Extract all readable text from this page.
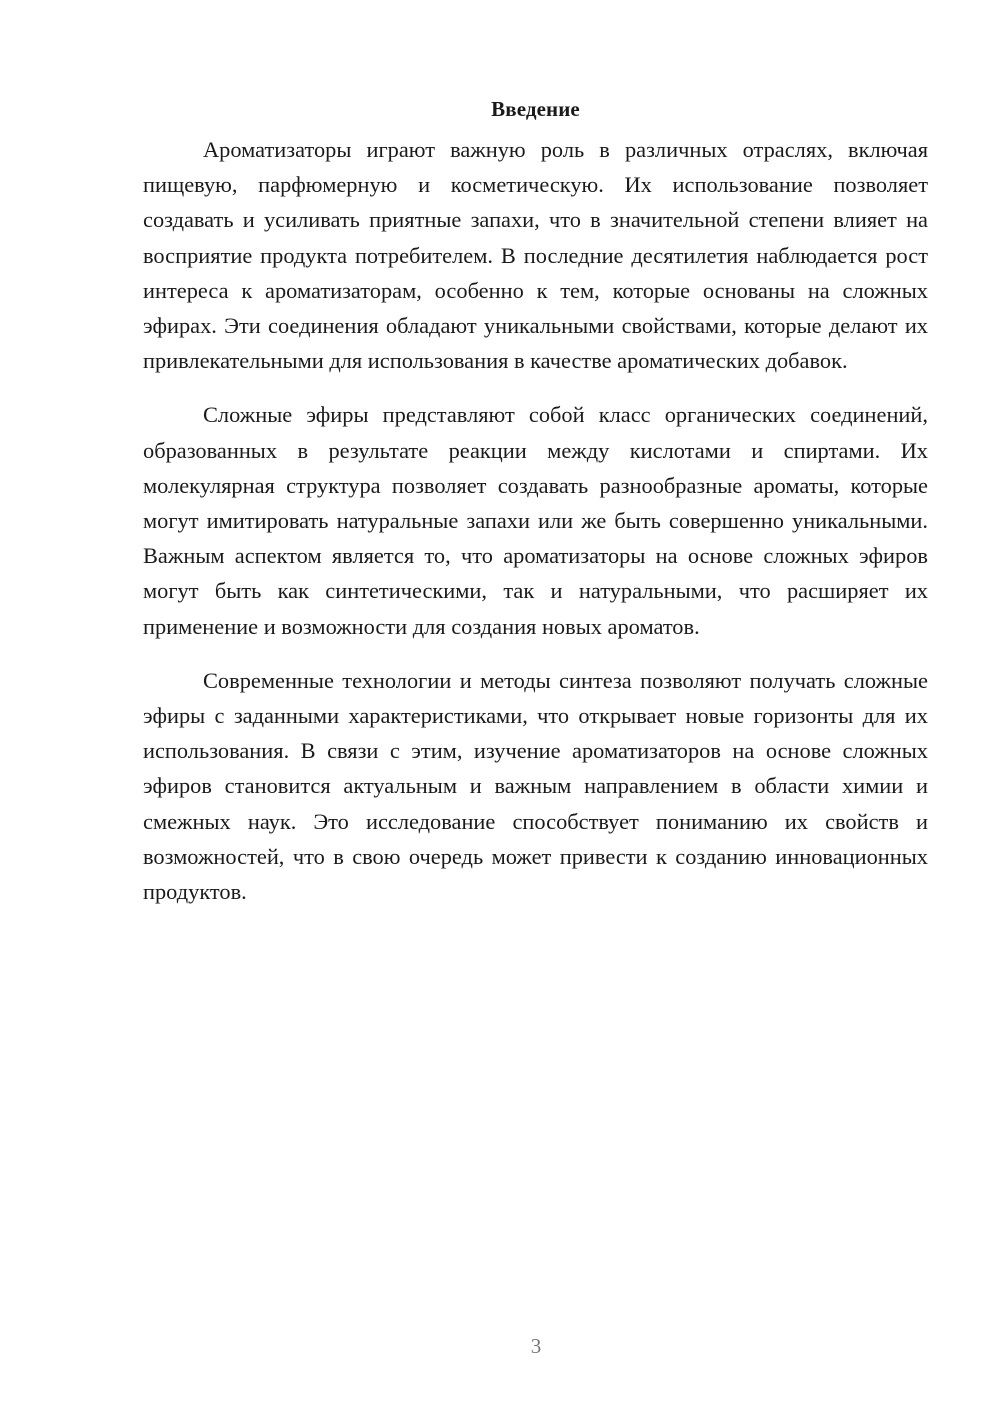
Введение

Ароматизаторы играют важную роль в различных отраслях, включая пищевую, парфюмерную и косметическую. Их использование позволяет создавать и усиливать приятные запахи, что в значительной степени влияет на восприятие продукта потребителем. В последние десятилетия наблюдается рост интереса к ароматизаторам, особенно к тем, которые основаны на сложных эфирах. Эти соединения обладают уникальными свойствами, которые делают их привлекательными для использования в качестве ароматических добавок.

Сложные эфиры представляют собой класс органических соединений, образованных в результате реакции между кислотами и спиртами. Их молекулярная структура позволяет создавать разнообразные ароматы, которые могут имитировать натуральные запахи или же быть совершенно уникальными. Важным аспектом является то, что ароматизаторы на основе сложных эфиров могут быть как синтетическими, так и натуральными, что расширяет их применение и возможности для создания новых ароматов.

Современные технологии и методы синтеза позволяют получать сложные эфиры с заданными характеристиками, что открывает новые горизонты для их использования. В связи с этим, изучение ароматизаторов на основе сложных эфиров становится актуальным и важным направлением в области химии и смежных наук. Это исследование способствует пониманию их свойств и возможностей, что в свою очередь может привести к созданию инновационных продуктов.

3
